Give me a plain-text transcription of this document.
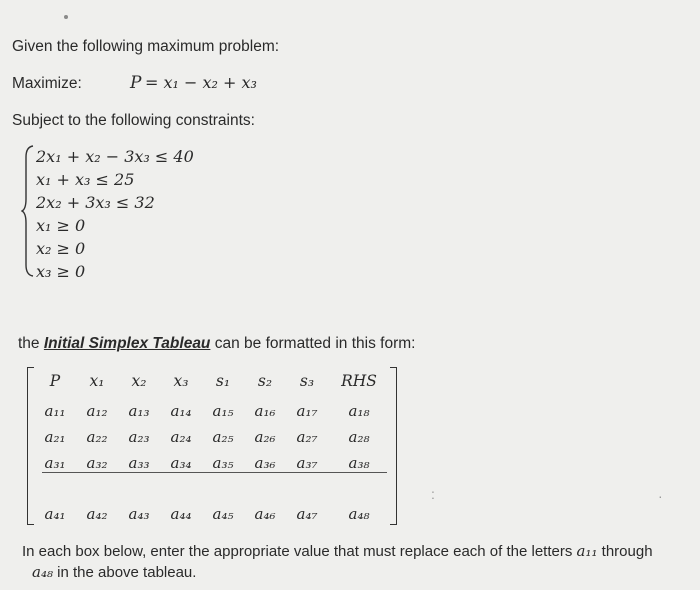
Given the following maximum problem:
Maximize:	P = x₁ − x₂ + x₃
Subject to the following constraints:
2x₁ + x₂ − 3x₃ ≤ 40
x₁ + x₃ ≤ 25
2x₂ + 3x₃ ≤ 32
x₁ ≥ 0
x₂ ≥ 0
x₃ ≥ 0
the Initial Simplex Tableau can be formatted in this form:
P x₁ x₂ x₃ s₁ s₂ s₃ RHS
a₁₁ a₁₂ a₁₃ a₁₄ a₁₅ a₁₆ a₁₇ a₁₈
a₂₁ a₂₂ a₂₃ a₂₄ a₂₅ a₂₆ a₂₇ a₂₈
a₃₁ a₃₂ a₃₃ a₃₄ a₃₅ a₃₆ a₃₇ a₃₈
a₄₁ a₄₂ a₄₃ a₄₄ a₄₅ a₄₆ a₄₇ a₄₈
:	·
In each box below, enter the appropriate value that must replace each of the letters a₁₁ through
a₄₈ in the above tableau.
